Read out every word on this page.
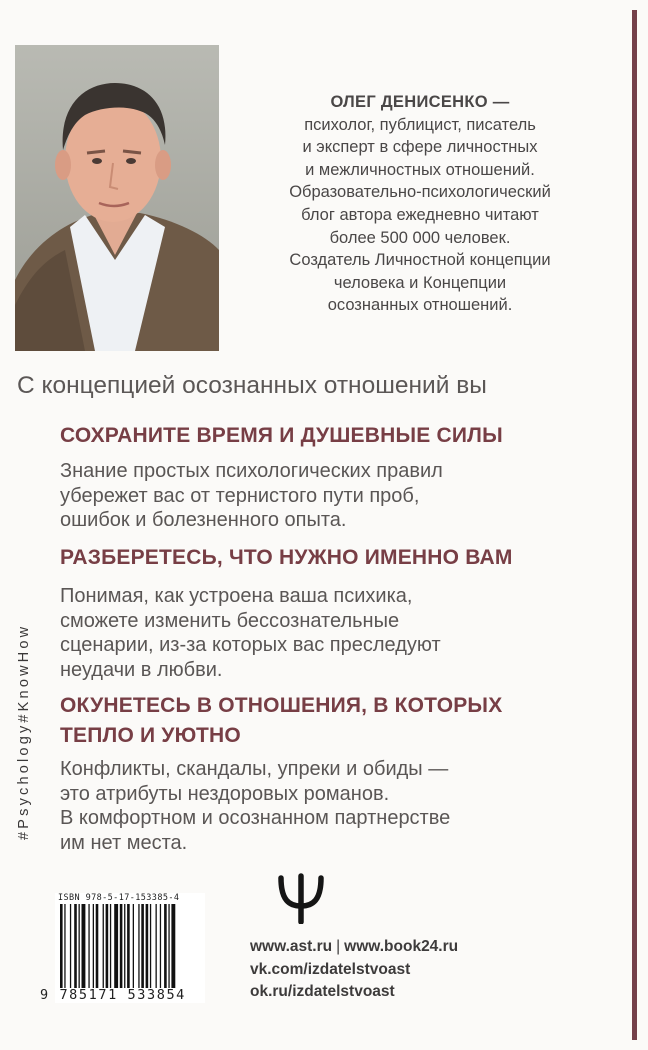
ОЛЕГ ДЕНИСЕНКО —
психолог, публицист, писатель
и эксперт в сфере личностных
и межличностных отношений.
Образовательно-психологический
блог автора ежедневно читают
более 500 000 человек.
Создатель Личностной концепции
человека и Концепции
осознанных отношений.
С концепцией осознанных отношений вы
СОХРАНИТЕ ВРЕМЯ И ДУШЕВНЫЕ СИЛЫ
Знание простых психологических правил
убережет вас от тернистого пути проб,
ошибок и болезненного опыта.
РАЗБЕРЕТЕСЬ, ЧТО НУЖНО ИМЕННО ВАМ
Понимая, как устроена ваша психика,
сможете изменить бессознательные
сценарии, из-за которых вас преследуют
неудачи в любви.
ОКУНЕТЕСЬ В ОТНОШЕНИЯ, В КОТОРЫХ
ТЕПЛО И УЮТНО
Конфликты, скандалы, упреки и обиды —
это атрибуты нездоровых романов.
В комфортном и осознанном партнерстве
им нет места.
#Psychology#KnowHow
ISBN 978-5-17-153385-4
9 785171 533854
www.ast.ru | www.book24.ru
vk.com/izdatelstvoast
ok.ru/izdatelstvoast
